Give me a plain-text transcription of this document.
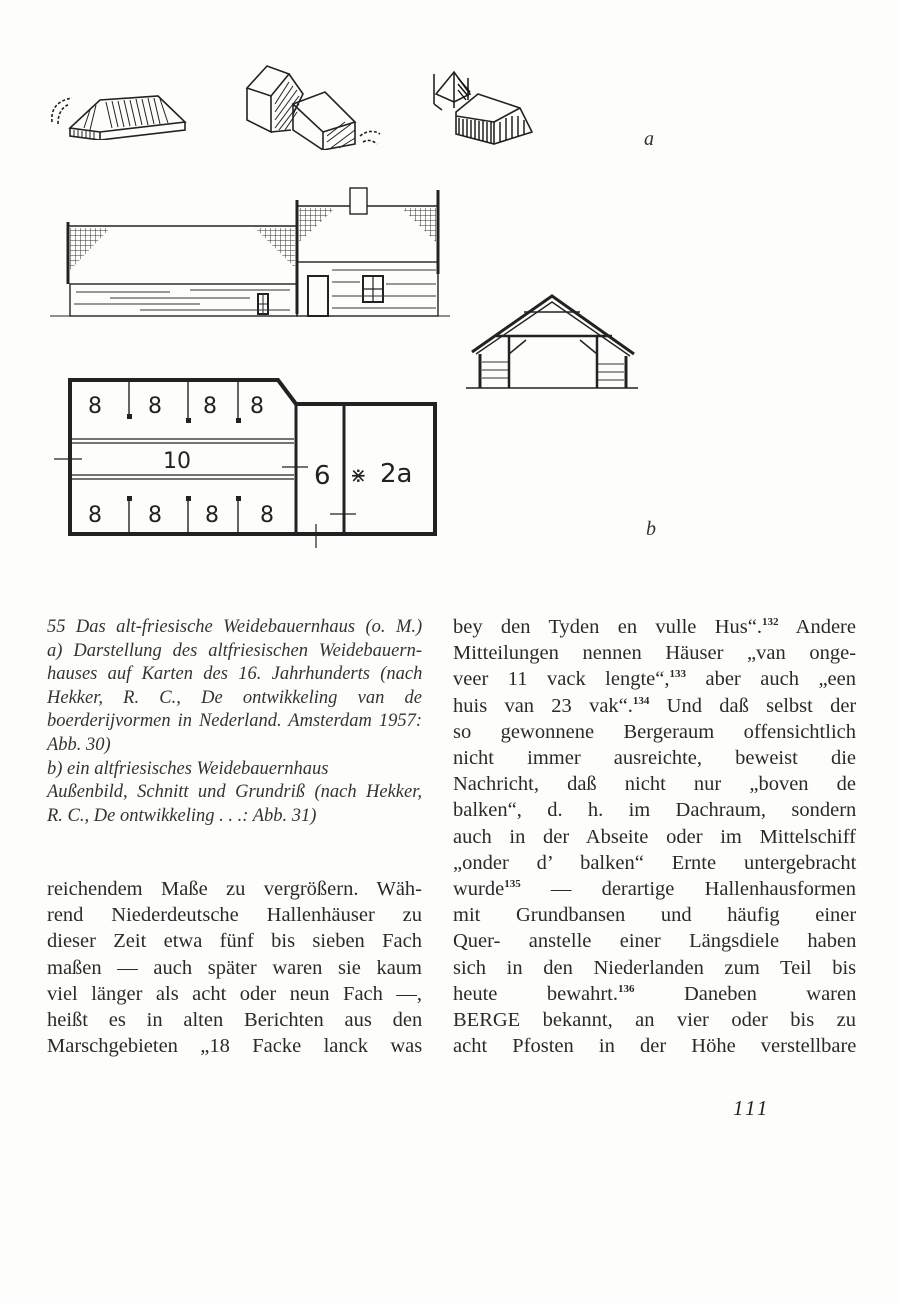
a
8 8 8 8
8 8 8 8
10	6 ⋇ 2a
b
55 Das alt-friesische Weidebauernhaus (o. M.)
a) Darstellung des altfriesischen Weidebauern-
hauses auf Karten des 16. Jahrhunderts (nach
Hekker, R. C., De ontwikkeling van de
boerderijvormen in Nederland. Amsterdam 1957:
Abb. 30)
b) ein altfriesisches Weidebauernhaus
Außenbild, Schnitt und Grundriß (nach Hekker,
R. C., De ontwikkeling . . .: Abb. 31)
reichendem Maße zu vergrößern. Wäh-
rend Niederdeutsche Hallenhäuser zu
dieser Zeit etwa fünf bis sieben Fach
maßen — auch später waren sie kaum
viel länger als acht oder neun Fach —,
heißt es in alten Berichten aus den
Marschgebieten „18 Facke lanck was
bey den Tyden en vulle Hus“.$^{132}$ Andere
Mitteilungen nennen Häuser „van onge-
veer 11 vack lengte“,$^{133}$ aber auch „een
huis van 23 vak“.$^{134}$ Und daß selbst der
so gewonnene Bergeraum offensichtlich
nicht immer ausreichte, beweist die
Nachricht, daß nicht nur „boven de
balken“, d. h. im Dachraum, sondern
auch in der Abseite oder im Mittelschiff
„onder d’ balken“ Ernte untergebracht
wurde$^{135}$ — derartige Hallenhausformen
mit Grundbansen und häufig einer
Quer- anstelle einer Längsdiele haben
sich in den Niederlanden zum Teil bis
heute bewahrt.$^{136}$ Daneben waren
BERGE bekannt, an vier oder bis zu
acht Pfosten in der Höhe verstellbare
111
